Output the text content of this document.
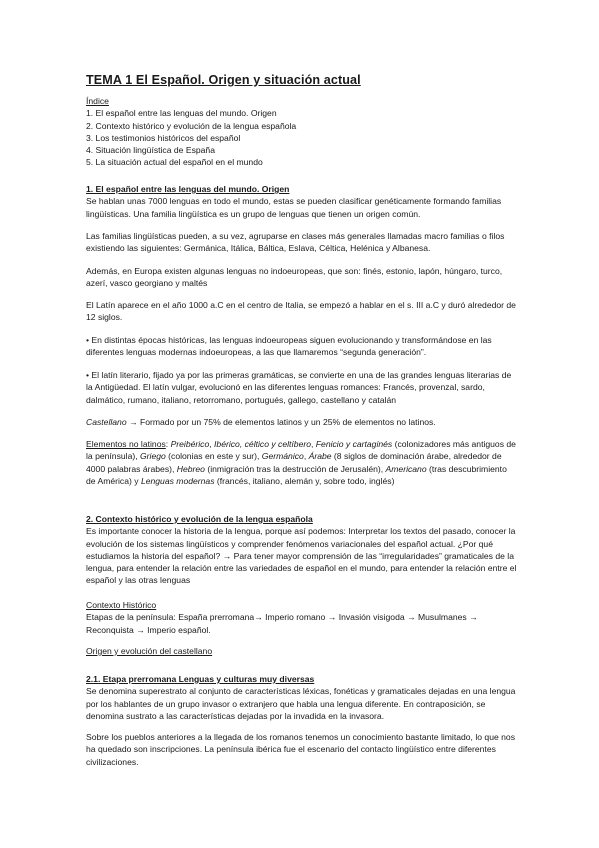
TEMA 1 El Español. Origen y situación actual
Índice
1. El español entre las lenguas del mundo. Origen
2. Contexto histórico y evolución de la lengua española
3. Los testimonios históricos del español
4. Situación lingüística de España
5. La situación actual del español en el mundo
1. El español entre las lenguas del mundo. Origen

Se hablan unas 7000 lenguas en todo el mundo, estas se pueden clasificar genéticamente formando familias lingüísticas. Una familia lingüística es un grupo de lenguas que tienen un origen común.

Las familias lingüísticas pueden, a su vez, agruparse en clases más generales llamadas macro familias o filos existiendo las siguientes: Germánica, Itálica, Báltica, Eslava, Céltica, Helénica y Albanesa.

Además, en Europa existen algunas lenguas no indoeuropeas, que son: finés, estonio, lapón, húngaro, turco, azerí, vasco georgiano y maltés

El Latín aparece en el año 1000 a.C en el centro de Italia, se empezó a hablar en el s. III a.C y duró alrededor de 12 siglos.

• En distintas épocas históricas, las lenguas indoeuropeas siguen evolucionando y transformándose en las diferentes lenguas modernas indoeuropeas, a las que llamaremos “segunda generación”.

• El latín literario, fijado ya por las primeras gramáticas, se convierte en una de las grandes lenguas literarias de la Antigüedad. El latín vulgar, evolucionó en las diferentes lenguas romances: Francés, provenzal, sardo, dalmático, rumano, italiano, retorromano, portugués, gallego, castellano y catalán

Castellano → Formado por un 75% de elementos latinos y un 25% de elementos no latinos.

Elementos no latinos: Preibérico, Ibérico, céltico y celtíbero, Fenicio y cartaginés (colonizadores más antiguos de la península), Griego (colonias en este y sur), Germánico, Árabe (8 siglos de dominación árabe, alrededor de 4000 palabras árabes), Hebreo (inmigración tras la destrucción de Jerusalén), Americano (tras descubrimiento de América) y Lenguas modernas (francés, italiano, alemán y, sobre todo, inglés)

2. Contexto histórico y evolución de la lengua española

Es importante conocer la historia de la lengua, porque así podemos: Interpretar los textos del pasado, conocer la evolución de los sistemas lingüísticos y comprender fenómenos variacionales del español actual. ¿Por qué estudiamos la historia del español? → Para tener mayor comprensión de las “irregularidades” gramaticales de la lengua, para entender la relación entre las variedades de español en el mundo, para entender la relación entre el español y las otras lenguas

Contexto Histórico

Etapas de la península: España prerromana→ Imperio romano → Invasión visigoda → Musulmanes → Reconquista → Imperio español.

Origen y evolución del castellano
2.1. Etapa prerromana Lenguas y culturas muy diversas

Se denomina superestrato al conjunto de características léxicas, fonéticas y gramaticales dejadas en una lengua por los hablantes de un grupo invasor o extranjero que habla una lengua diferente. En contraposición, se denomina sustrato a las características dejadas por la invadida en la invasora.

Sobre los pueblos anteriores a la llegada de los romanos tenemos un conocimiento bastante limitado, lo que nos ha quedado son inscripciones. La península ibérica fue el escenario del contacto lingüístico entre diferentes civilizaciones.
